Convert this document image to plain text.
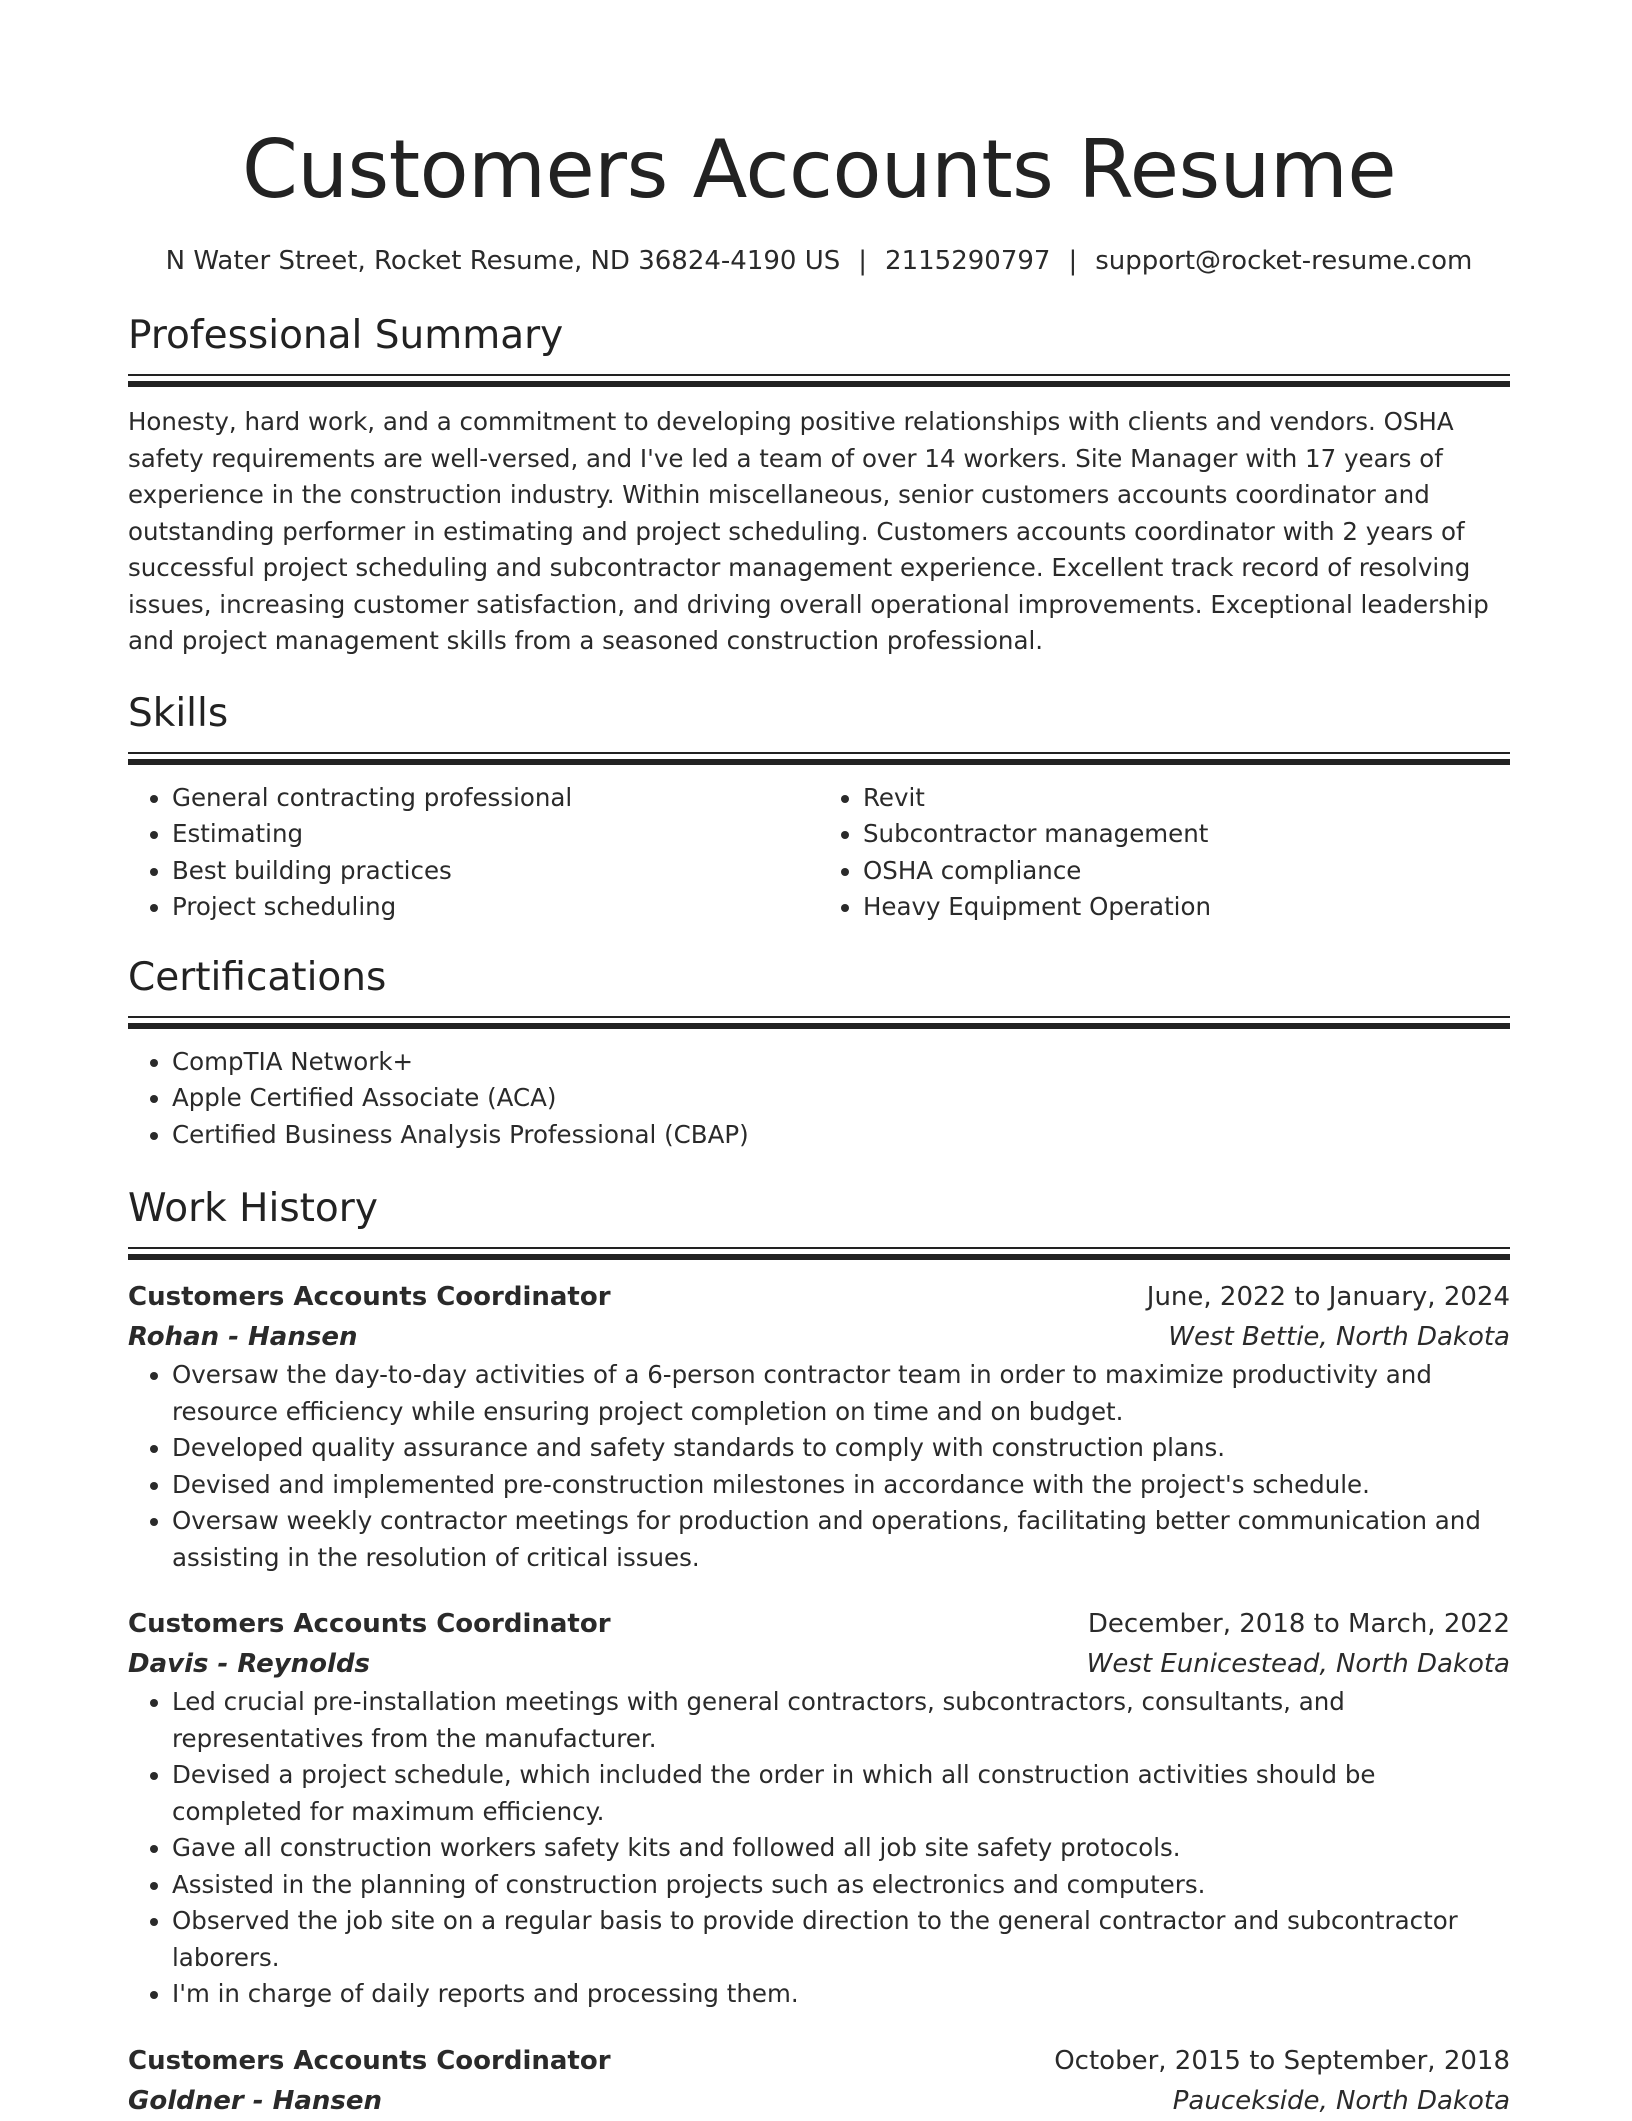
Customers Accounts Resume
N Water Street, Rocket Resume, ND 36824-4190 US | 2115290797 | support@rocket-resume.com
Professional Summary

Honesty, hard work, and a commitment to developing positive relationships with clients and vendors. OSHA safety requirements are well-versed, and I've led a team of over 14 workers. Site Manager with 17 years of experience in the construction industry. Within miscellaneous, senior customers accounts coordinator and outstanding performer in estimating and project scheduling. Customers accounts coordinator with 2 years of successful project scheduling and subcontractor management experience. Excellent track record of resolving issues, increasing customer satisfaction, and driving overall operational improvements. Exceptional leadership and project management skills from a seasoned construction professional.

Skills
• General contracting professional
• Estimating
• Best building practices
• Project scheduling
• Revit
• Subcontractor management
• OSHA compliance
• Heavy Equipment Operation
Certifications
• CompTIA Network+
• Apple Certified Associate (ACA)
• Certified Business Analysis Professional (CBAP)
Work History
Customers Accounts Coordinator	June, 2022 to January, 2024
Rohan - Hansen	West Bettie, North Dakota
• Oversaw the day-to-day activities of a 6-person contractor team in order to maximize productivity and resource efficiency while ensuring project completion on time and on budget.
• Developed quality assurance and safety standards to comply with construction plans.
• Devised and implemented pre-construction milestones in accordance with the project's schedule.
• Oversaw weekly contractor meetings for production and operations, facilitating better communication and assisting in the resolution of critical issues.
Customers Accounts Coordinator	December, 2018 to March, 2022
Davis - Reynolds	West Eunicestead, North Dakota
• Led crucial pre-installation meetings with general contractors, subcontractors, consultants, and representatives from the manufacturer.
• Devised a project schedule, which included the order in which all construction activities should be completed for maximum efficiency.
• Gave all construction workers safety kits and followed all job site safety protocols.
• Assisted in the planning of construction projects such as electronics and computers.
• Observed the job site on a regular basis to provide direction to the general contractor and subcontractor laborers.
• I'm in charge of daily reports and processing them.
Customers Accounts Coordinator	October, 2015 to September, 2018
Goldner - Hansen	Paucekside, North Dakota
